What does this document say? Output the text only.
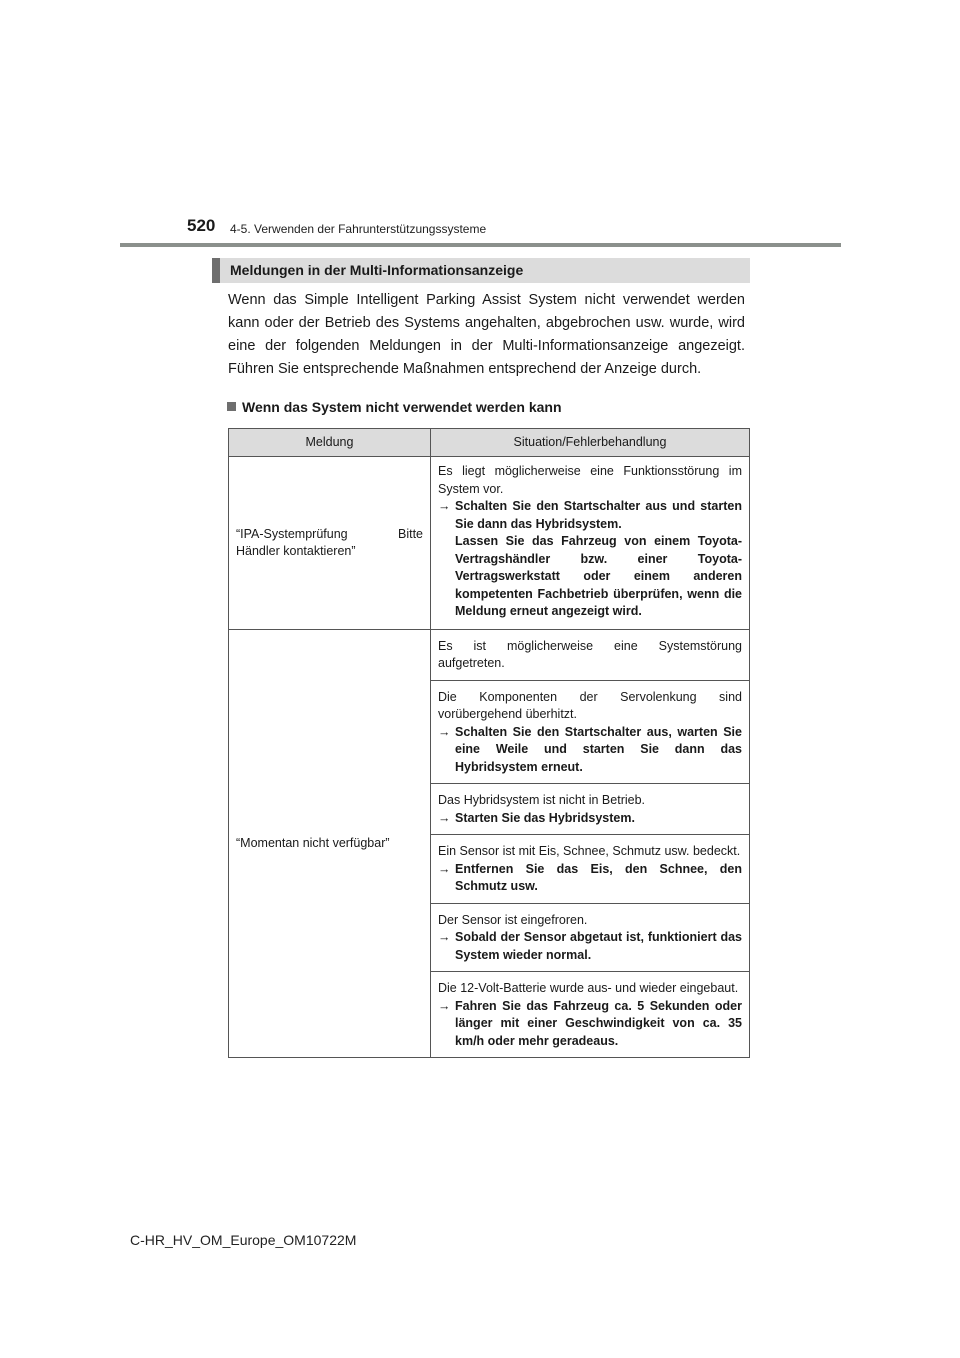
520 4-5. Verwenden der Fahrunterstützungssysteme
Meldungen in der Multi-Informationsanzeige

Wenn das Simple Intelligent Parking Assist System nicht verwendet werden kann oder der Betrieb des Systems angehalten, abgebrochen usw. wurde, wird eine der folgenden Meldungen in der Multi-Informationsanzeige angezeigt. Führen Sie entsprechende Maßnahmen entsprechend der Anzeige durch.

Wenn das System nicht verwendet werden kann
Meldung	Situation/Fehlerbehandlung
“IPA-Systemprüfung Bitte Händler kontaktieren”	Es liegt möglicherweise eine Funktionsstörung im System vor.
→ Schalten Sie den Startschalter aus und starten Sie dann das Hybridsystem.
Lassen Sie das Fahrzeug von einem Toyota-Vertragshändler bzw. einer Toyota-Vertragswerkstatt oder einem anderen kompetenten Fachbetrieb überprüfen, wenn die Meldung erneut angezeigt wird.

“Momentan nicht verfügbar”	Es ist möglicherweise eine Systemstörung aufgetreten.

	Die Komponenten der Servolenkung sind vorübergehend überhitzt.
→ Schalten Sie den Startschalter aus, warten Sie eine Weile und starten Sie dann das Hybridsystem erneut.

	Das Hybridsystem ist nicht in Betrieb.
→ Starten Sie das Hybridsystem.

	Ein Sensor ist mit Eis, Schnee, Schmutz usw. bedeckt.
→ Entfernen Sie das Eis, den Schnee, den Schmutz usw.

	Der Sensor ist eingefroren.
→ Sobald der Sensor abgetaut ist, funktioniert das System wieder normal.

	Die 12-Volt-Batterie wurde aus- und wieder eingebaut.
→ Fahren Sie das Fahrzeug ca. 5 Sekunden oder länger mit einer Geschwindigkeit von ca. 35 km/h oder mehr geradeaus.
C-HR_HV_OM_Europe_OM10722M
